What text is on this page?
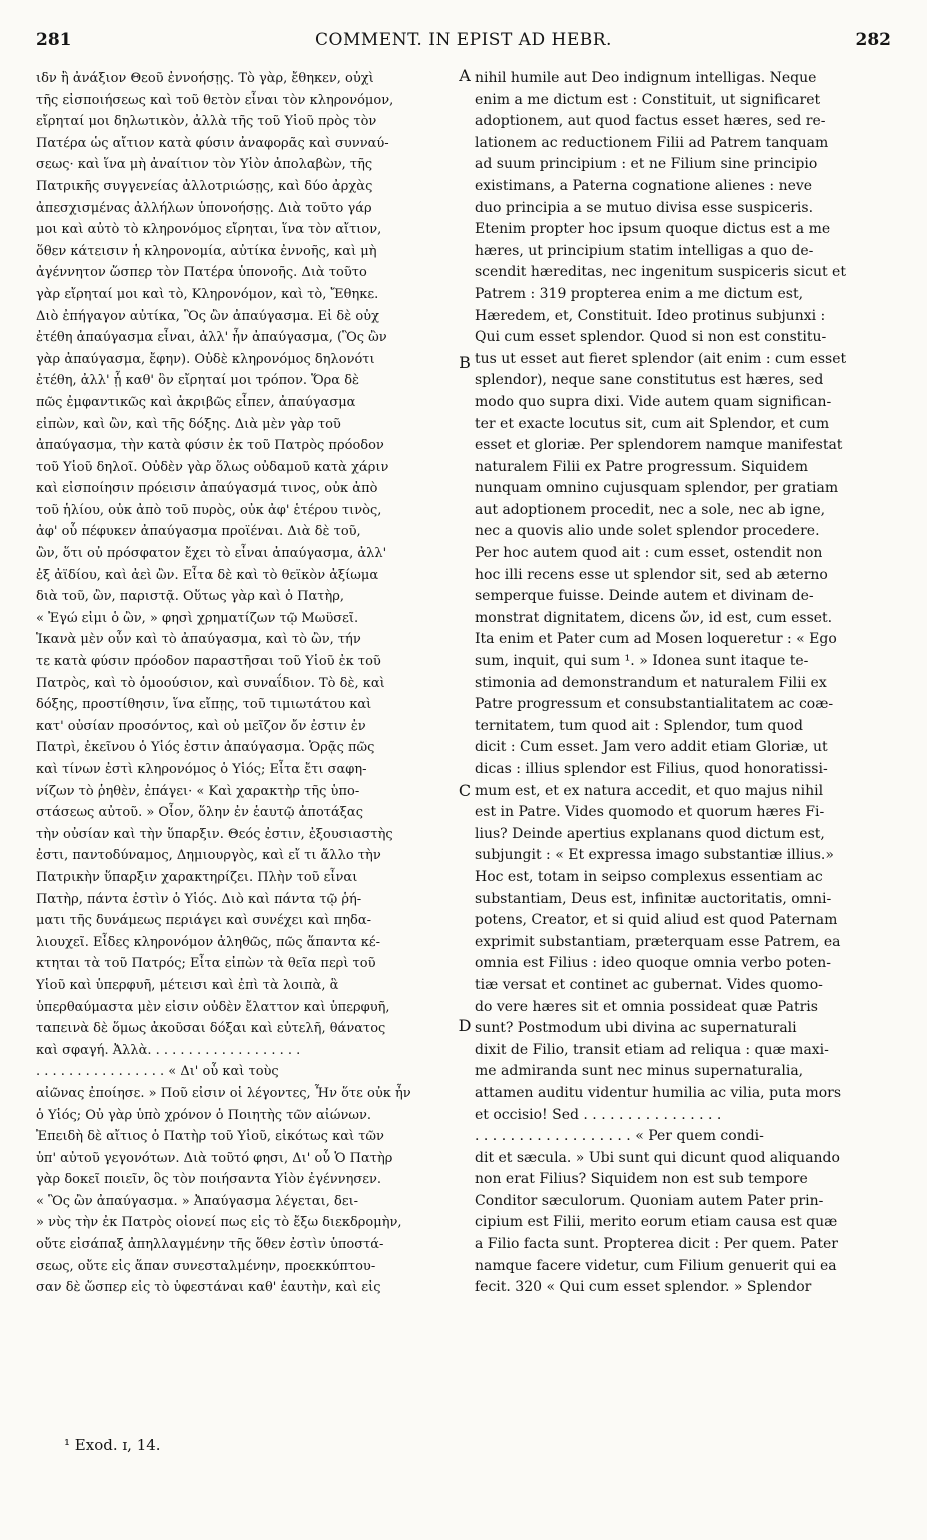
281	COMMENT. IN EPIST AD HEBR.	282
ιδν ἢ ἀνάξιον Θεοῦ ἐννοήσῃς. Τὸ γὰρ, ἔθηκεν, οὐχὶ
τῆς εἰσποιήσεως καὶ τοῦ θετὸν εἶναι τὸν κληρονόμον,
εἴρηταί μοι δηλωτικὸν, ἀλλὰ τῆς τοῦ Υἱοῦ πρὸς τὸν
Πατέρα ὡς αἴτιον κατὰ φύσιν ἀναφορᾶς καὶ συνναύ-
σεως· καὶ ἵνα μὴ ἀναίτιον τὸν Υἱὸν ἀπολαβὼν, τῆς
Πατρικῆς συγγενείας ἀλλοτριώσῃς, καὶ δύο ἀρχὰς
ἀπεσχισμένας ἀλλήλων ὑπονοήσῃς. Διὰ τοῦτο γάρ
μοι καὶ αὐτὸ τὸ κληρονόμος εἴρηται, ἵνα τὸν αἴτιον,
ὅθεν κάτεισιν ἡ κληρονομία, αὐτίκα ἐννοῆς, καὶ μὴ
ἀγέννητον ὥσπερ τὸν Πατέρα ὑπονοῆς. Διὰ τοῦτο
γὰρ εἴρηταί μοι καὶ τὸ, Κληρονόμον, καὶ τὸ, Ἔθηκε.
Διὸ ἐπήγαγον αὐτίκα, Ὃς ὢν ἀπαύγασμα. Εἰ δὲ οὐχ
ἐτέθη ἀπαύγασμα εἶναι, ἀλλ' ἦν ἀπαύγασμα, (Ὃς ὢν
γὰρ ἀπαύγασμα, ἔφην). Οὐδὲ κληρονόμος δηλονότι
ἐτέθη, ἀλλ' ᾗ καθ' ὃν εἴρηταί μοι τρόπον. Ὅρα δὲ
πῶς ἐμφαντικῶς καὶ ἀκριβῶς εἶπεν, ἀπαύγασμα
εἰπὼν, καὶ ὢν, καὶ τῆς δόξης. Διὰ μὲν γὰρ τοῦ
ἀπαύγασμα, τὴν κατὰ φύσιν ἐκ τοῦ Πατρὸς πρόοδον
τοῦ Υἱοῦ δηλοῖ. Οὐδὲν γὰρ ὅλως οὐδαμοῦ κατὰ χάριν
καὶ εἰσποίησιν πρόεισιν ἀπαύγασμά τινος, οὐκ ἀπὸ
τοῦ ἡλίου, οὐκ ἀπὸ τοῦ πυρὸς, οὐκ ἀφ' ἑτέρου τινὸς,
ἀφ' οὗ πέφυκεν ἀπαύγασμα προϊέναι. Διὰ δὲ τοῦ,
ὢν, ὅτι οὐ πρόσφατον ἔχει τὸ εἶναι ἀπαύγασμα, ἀλλ'
ἐξ ἀϊδίου, καὶ ἀεὶ ὢν. Εἶτα δὲ καὶ τὸ θεϊκὸν ἀξίωμα
διὰ τοῦ, ὢν, παριστᾷ. Οὕτως γὰρ καὶ ὁ Πατὴρ,
« Ἐγώ εἰμι ὁ ὢν, » φησὶ χρηματίζων τῷ Μωϋσεῖ.
Ἱκανὰ μὲν οὖν καὶ τὸ ἀπαύγασμα, καὶ τὸ ὢν, τήν
τε κατὰ φύσιν πρόοδον παραστῆσαι τοῦ Υἱοῦ ἐκ τοῦ
Πατρὸς, καὶ τὸ ὁμοούσιον, καὶ συναΐδιον. Τὸ δὲ, καὶ
δόξης, προστίθησιν, ἵνα εἴπῃς, τοῦ τιμιωτάτου καὶ
κατ' οὐσίαν προσόντος, καὶ οὐ μεῖζον ὄν ἐστιν ἐν
Πατρὶ, ἐκεῖνου ὁ Υἱός ἐστιν ἀπαύγασμα. Ὁρᾷς πῶς
καὶ τίνων ἐστὶ κληρονόμος ὁ Υἱός; Εἶτα ἔτι σαφη-
νίζων τὸ ῥηθὲν, ἐπάγει· « Καὶ χαρακτὴρ τῆς ὑπο-
στάσεως αὐτοῦ. » Οἷον, ὅλην ἐν ἑαυτῷ ἀποτάξας
τὴν οὐσίαν καὶ τὴν ὕπαρξιν. Θεός ἐστιν, ἐξουσιαστὴς
ἐστι, παντοδύναμος, Δημιουργὸς, καὶ εἴ τι ἄλλο τὴν
Πατρικὴν ὕπαρξιν χαρακτηρίζει. Πλὴν τοῦ εἶναι
Πατὴρ, πάντα ἐστὶν ὁ Υἱός. Διὸ καὶ πάντα τῷ ῥή-
ματι τῆς δυνάμεως περιάγει καὶ συνέχει καὶ πηδα-
λιουχεῖ. Εἶδες κληρονόμον ἀληθῶς, πῶς ἅπαντα κέ-
κτηται τὰ τοῦ Πατρός; Εἶτα εἰπὼν τὰ θεῖα περὶ τοῦ
Υἱοῦ καὶ ὑπερφυῆ, μέτεισι καὶ ἐπὶ τὰ λοιπὰ, ἃ
ὑπερθαύμαστα μὲν εἰσιν οὐδὲν ἔλαττον καὶ ὑπερφυῆ,
ταπεινὰ δὲ ὅμως ἀκοῦσαι δόξαι καὶ εὐτελῆ, θάνατος
καὶ σφαγή. Ἀλλὰ. . . . . . . . . . . . . . . . . . .
. . . . . . . . . . . . . . . . « Δι' οὗ καὶ τοὺς
αἰῶνας ἐποίησε. » Ποῦ εἰσιν οἱ λέγοντες, Ἦν ὅτε οὐκ ἦν
ὁ Υἱός; Οὐ γὰρ ὑπὸ χρόνον ὁ Ποιητὴς τῶν αἰώνων.
Ἐπειδὴ δὲ αἴτιος ὁ Πατὴρ τοῦ Υἱοῦ, εἰκότως καὶ τῶν
ὑπ' αὐτοῦ γεγονότων. Διὰ τοῦτό φησι, Δι' οὗ Ὁ Πατὴρ
γὰρ δοκεῖ ποιεῖν, ὃς τὸν ποιήσαντα Υἱὸν ἐγέννησεν.
« Ὃς ὢν ἀπαύγασμα. » Ἀπαύγασμα λέγεται, δει-
» νὺς τὴν ἐκ Πατρὸς οἱονεί πως εἰς τὸ ἔξω διεκδρομὴν,
οὔτε εἰσάπαξ ἀπηλλαγμένην τῆς ὅθεν ἐστὶν ὑποστά-
σεως, οὔτε εἰς ἅπαν συνεσταλμένην, προεκκύπτου-
σαν δὲ ὥσπερ εἰς τὸ ὑφεστάναι καθ' ἑαυτὴν, καὶ εἰς
nihil humile aut Deo indignum intelligas. Neque
enim a me dictum est : Constituit, ut significaret
adoptionem, aut quod factus esset hæres, sed re-
lationem ac reductionem Filii ad Patrem tanquam
ad suum principium : et ne Filium sine principio
existimans, a Paterna cognatione alienes : neve
duo principia a se mutuo divisa esse suspiceris.
Etenim propter hoc ipsum quoque dictus est a me
hæres, ut principium statim intelligas a quo de-
scendit hæreditas, nec ingenitum suspiceris sicut et
Patrem : 319 propterea enim a me dictum est,
Hæredem, et, Constituit. Ideo protinus subjunxi :
Qui cum esset splendor. Quod si non est constitu-
tus ut esset aut fieret splendor (ait enim : cum esset
splendor), neque sane constitutus est hæres, sed
modo quo supra dixi. Vide autem quam significan-
ter et exacte locutus sit, cum ait Splendor, et cum
esset et gloriæ. Per splendorem namque manifestat
naturalem Filii ex Patre progressum. Siquidem
nunquam omnino cujusquam splendor, per gratiam
aut adoptionem procedit, nec a sole, nec ab igne,
nec a quovis alio unde solet splendor procedere.
Per hoc autem quod ait : cum esset, ostendit non
hoc illi recens esse ut splendor sit, sed ab æterno
semperque fuisse. Deinde autem et divinam de-
monstrat dignitatem, dicens ὤν, id est, cum esset.
Ita enim et Pater cum ad Mosen loqueretur : « Ego
sum, inquit, qui sum ¹. » Idonea sunt itaque te-
stimonia ad demonstrandum et naturalem Filii ex
Patre progressum et consubstantialitatem ac coæ-
ternitatem, tum quod ait : Splendor, tum quod
dicit : Cum esset. Jam vero addit etiam Gloriæ, ut
dicas : illius splendor est Filius, quod honoratissi-
mum est, et ex natura accedit, et quo majus nihil
est in Patre. Vides quomodo et quorum hæres Fi-
lius? Deinde apertius explanans quod dictum est,
subjungit : « Et expressa imago substantiæ illius.»
Hoc est, totam in seipso complexus essentiam ac
substantiam, Deus est, infinitæ auctoritatis, omni-
potens, Creator, et si quid aliud est quod Paternam
exprimit substantiam, præterquam esse Patrem, ea
omnia est Filius : ideo quoque omnia verbo poten-
tiæ versat et continet ac gubernat. Vides quomo-
do vere hæres sit et omnia possideat quæ Patris
sunt? Postmodum ubi divina ac supernaturali
dixit de Filio, transit etiam ad reliqua : quæ maxi-
me admiranda sunt nec minus supernaturalia,
attamen auditu videntur humilia ac vilia, puta mors
et occisio! Sed . . . . . . . . . . . . . . . .
. . . . . . . . . . . . . . . . . . « Per quem condi-
dit et sæcula. » Ubi sunt qui dicunt quod aliquando
non erat Filius? Siquidem non est sub tempore
Conditor sæculorum. Quoniam autem Pater prin-
cipium est Filii, merito eorum etiam causa est quæ
a Filio facta sunt. Propterea dicit : Per quem. Pater
namque facere videtur, cum Filium genuerit qui ea
fecit. 320 « Qui cum esset splendor. » Splendor
A
B
C
D
¹ Exod. ɪ, 14.
